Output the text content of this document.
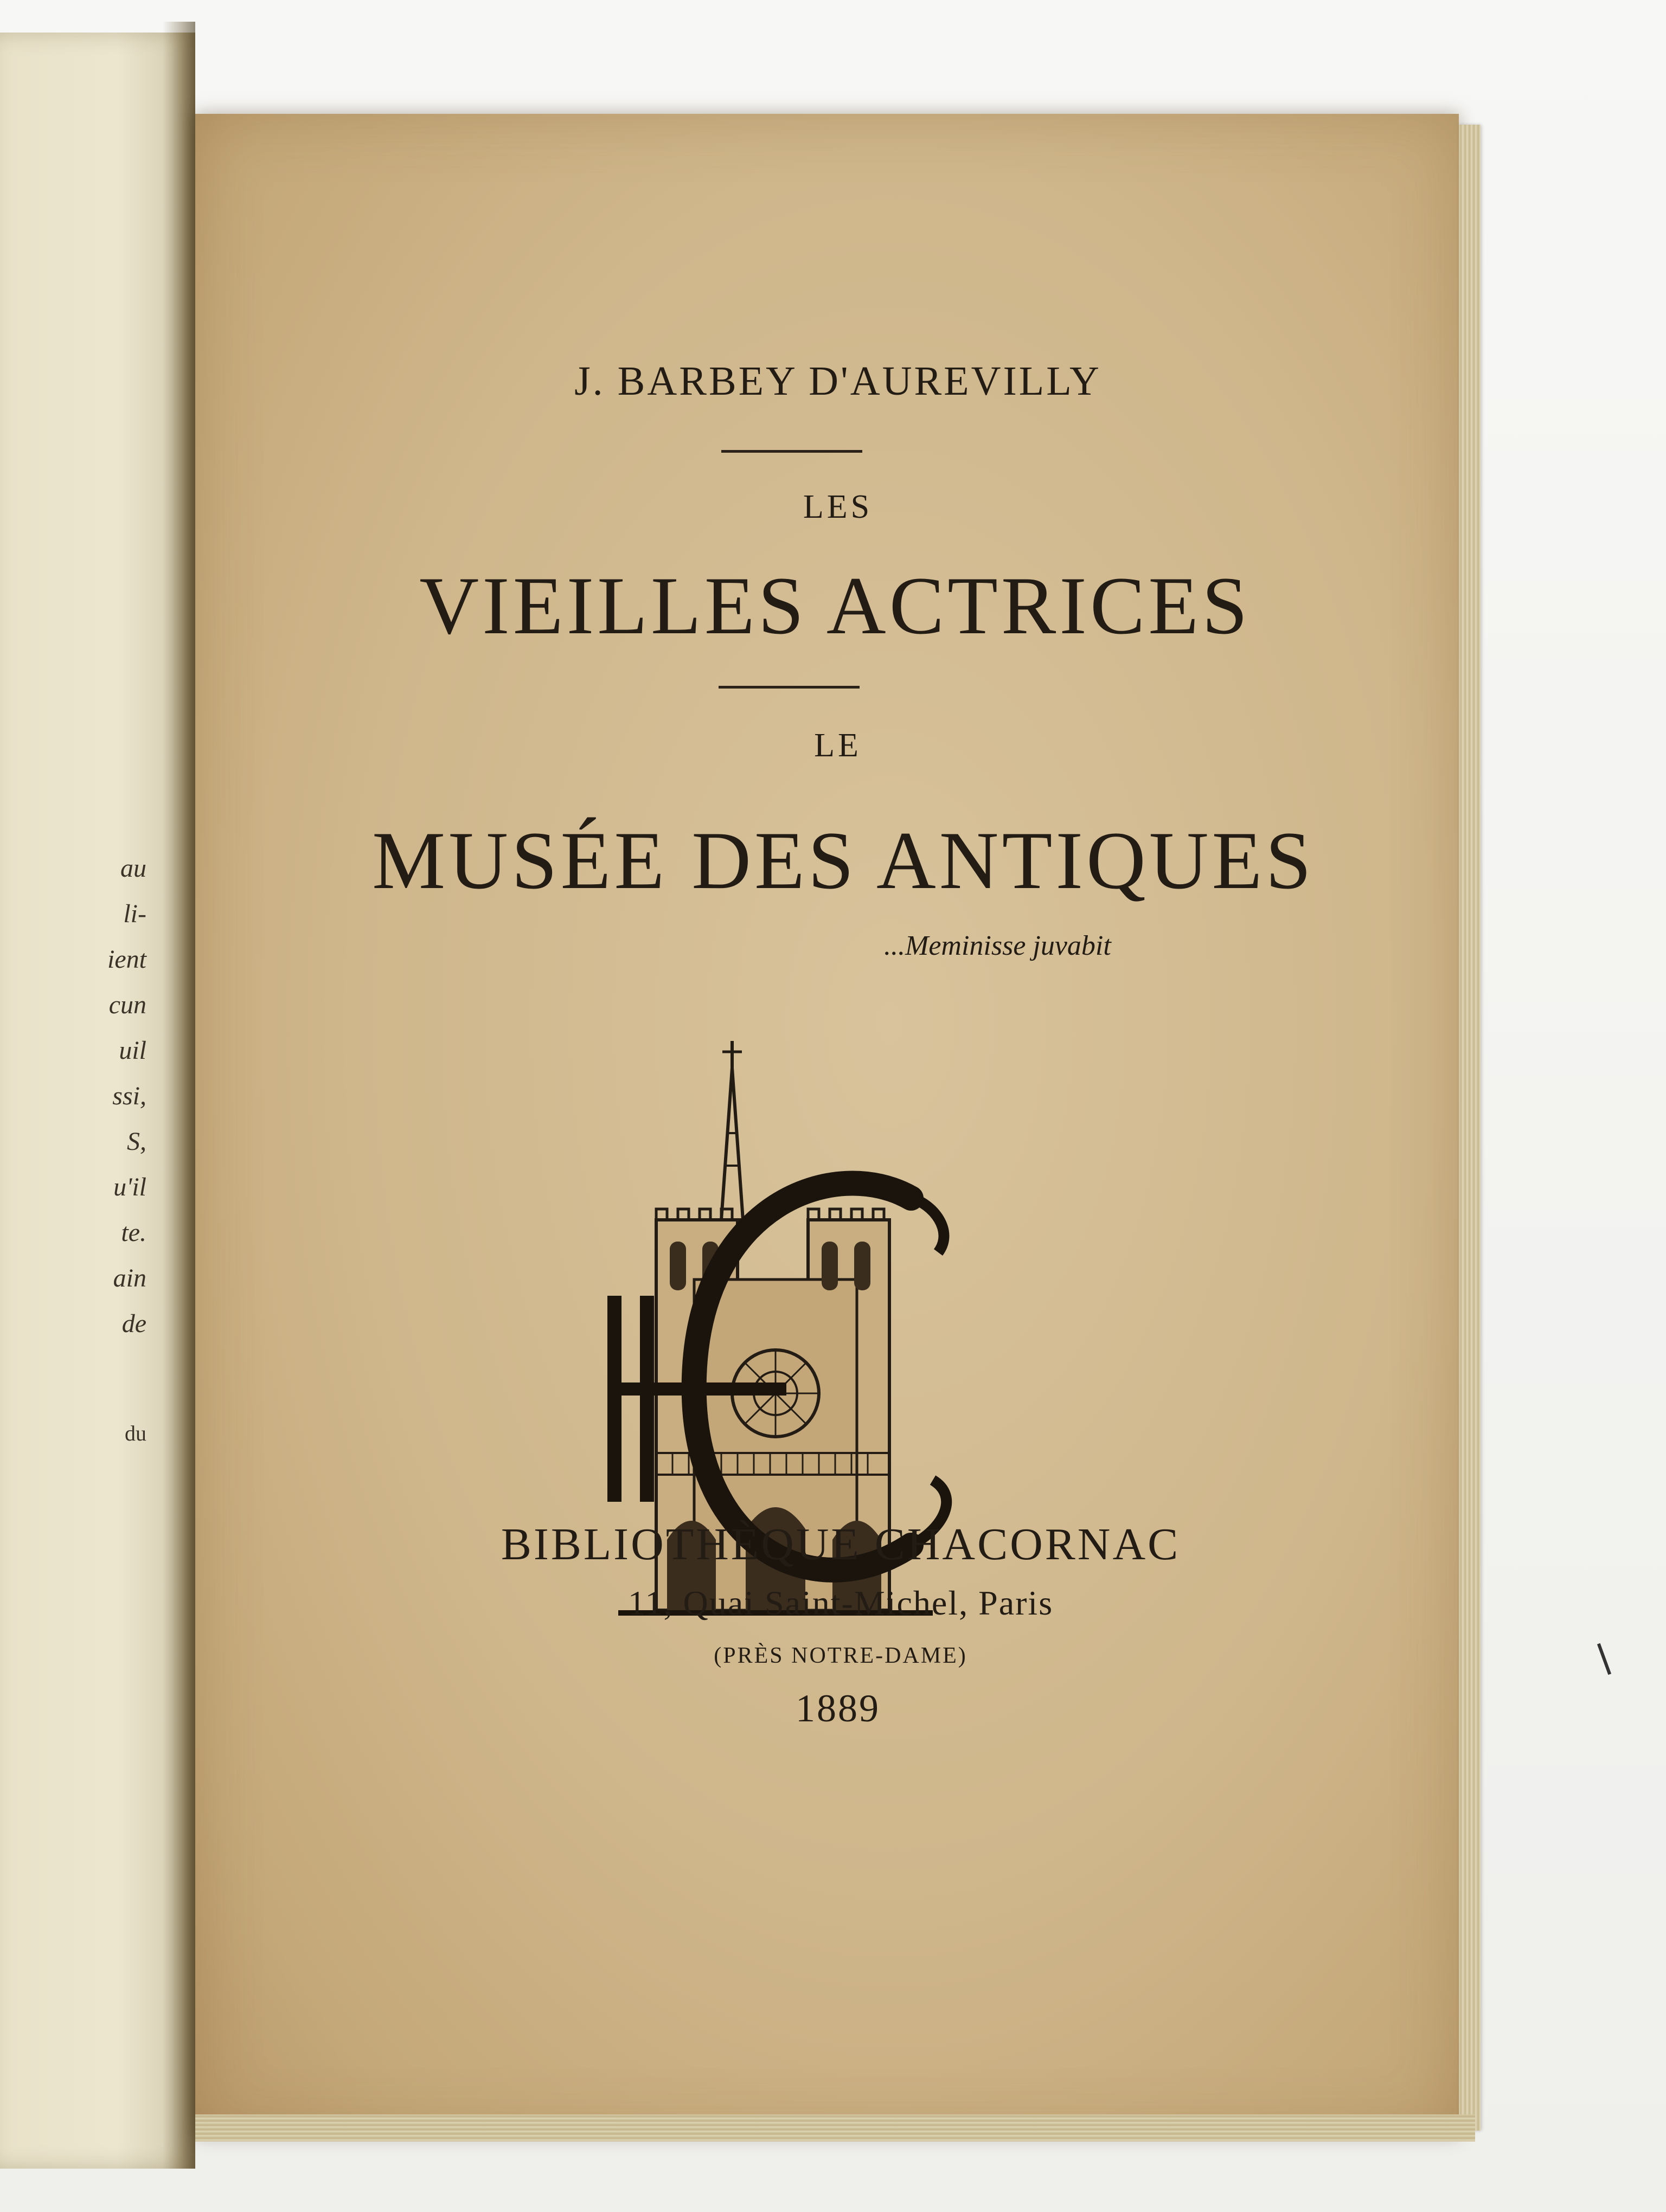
au
li-
ient
cun
uil
ssi,
S,
u'il
te.
ain
de
du
J. BARBEY D'AUREVILLY
LES
VIEILLES ACTRICES
LE
MUSÉE DES ANTIQUES
...Meminisse juvabit
BIBLIOTHÈQUE CHACORNAC
11, Quai Saint-Michel, Paris
(PRÈS NOTRE-DAME)
1889
